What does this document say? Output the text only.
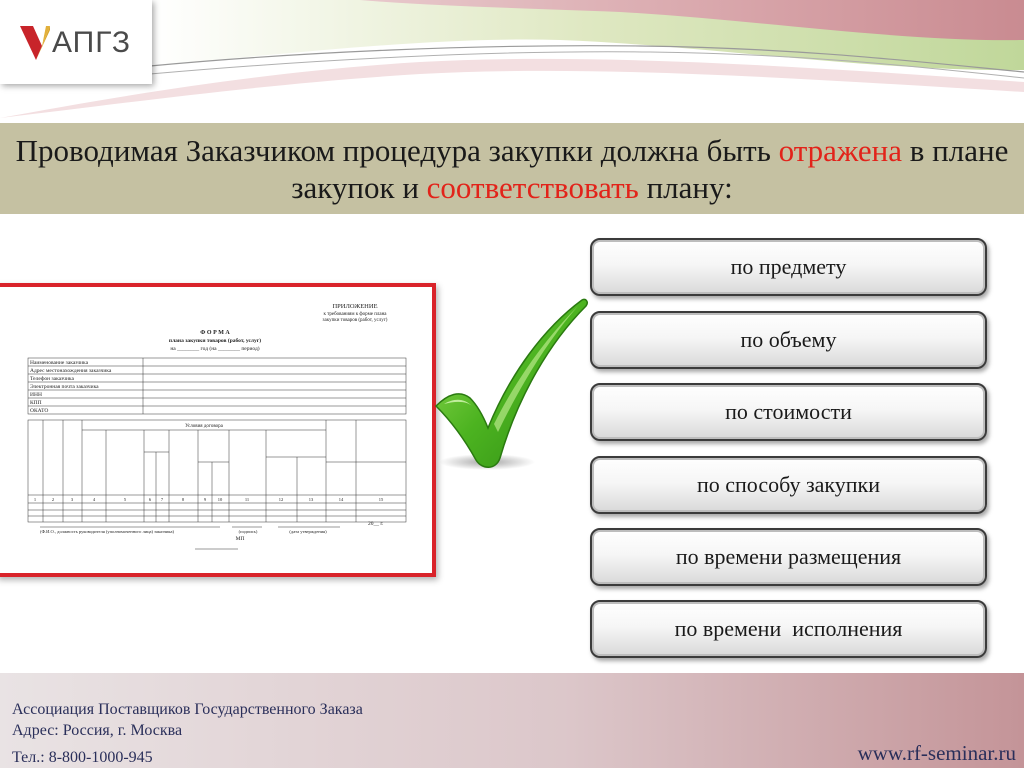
АПГЗ

Проводимая Заказчиком процедура закупки должна быть отражена в плане закупок и соответствовать плану:

ПРИЛОЖЕНИЕ
к требованиям к форме плана
закупки товаров (работ, услуг)
Ф О Р М А
плана закупки товаров (работ, услуг)
на ________ год (на ________ период)
Наименование заказчика
Адрес местонахождения заказчика
Телефон заказчика
Электронная почта заказчика
ИНН
КПП
ОКАТО
Условия договора
1	2	3	4	5	6 7	8	9	10	11	12	13	14	15
20__ г.
(Ф.И.О., должность руководителя (уполномоченного лица) заказчика)	(подпись)	(дата утверждения)
МП
по предмету
по объему
по стоимости
по способу закупки
по времени размещения
по времени  исполнения
Ассоциация Поставщиков Государственного Заказа
Адрес: Россия, г. Москва
Тел.: 8-800-1000-945	www.rf-seminar.ru
